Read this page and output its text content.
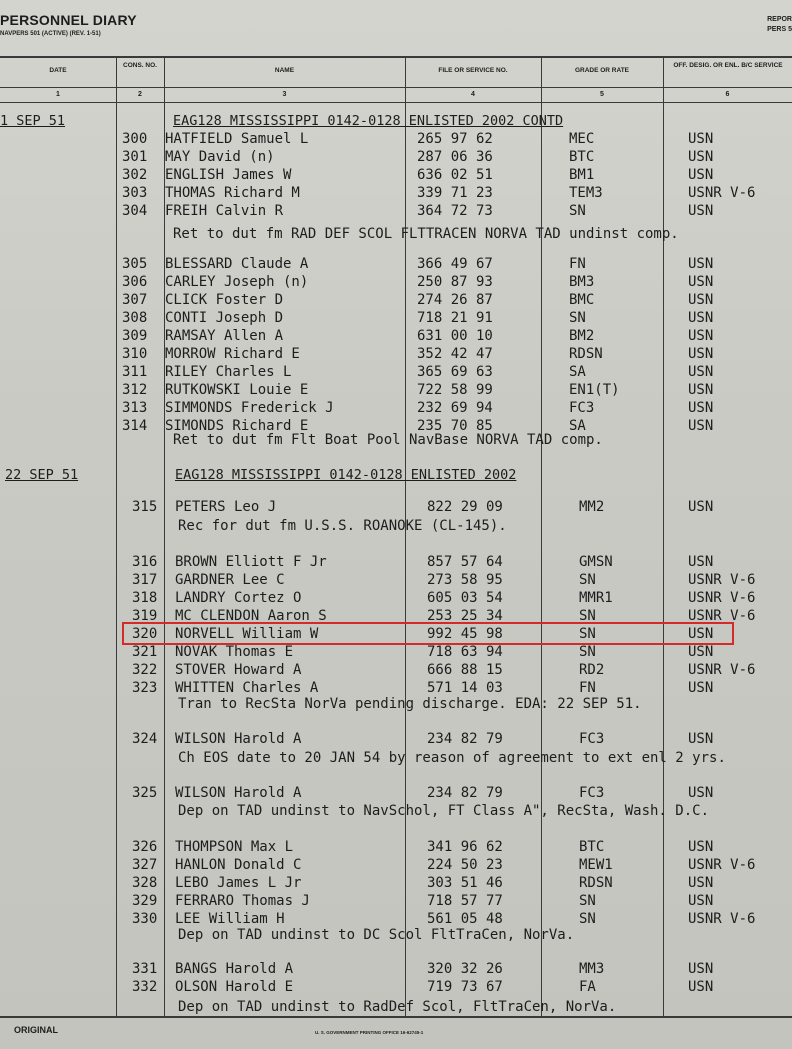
PERSONNEL DIARY
NAVPERS 501 (ACTIVE) (REV. 1-51)
REPOR
PERS 5
DATE
CONS. NO.
NAME	FILE OR SERVICE NO.	GRADE OR RATE
OFF. DESIG. OR ENL. B/C SERVICE
1	2	3	4	5	6
1 SEP 51	EAG128 MISSISSIPPI 0142-0128 ENLISTED 2002 CONTD
22 SEP 51	EAG128 MISSISSIPPI 0142-0128 ENLISTED 2002
300 HATFIELD Samuel L	265 97 62	MEC	USN
301 MAY David (n)	287 06 36	BTC	USN
302 ENGLISH James W	636 02 51	BM1	USN
303 THOMAS Richard M	339 71 23	TEM3	USNR V-6
304 FREIH Calvin R	364 72 73	SN	USN
305 BLESSARD Claude A	366 49 67	FN	USN
306 CARLEY Joseph (n)	250 87 93	BM3	USN
307 CLICK Foster D	274 26 87	BMC	USN
308 CONTI Joseph D	718 21 91	SN	USN
309 RAMSAY Allen A	631 00 10	BM2	USN
310 MORROW Richard E	352 42 47	RDSN	USN
311 RILEY Charles L	365 69 63	SA	USN
312 RUTKOWSKI Louie E	722 58 99	EN1(T)	USN
313 SIMMONDS Frederick J	232 69 94	FC3	USN
314 SIMONDS Richard E	235 70 85	SA	USN
315 PETERS Leo J	822 29 09	MM2	USN
316 BROWN Elliott F Jr	857 57 64	GMSN	USN
317 GARDNER Lee C	273 58 95	SN	USNR V-6
318 LANDRY Cortez O	605 03 54	MMR1	USNR V-6
319 MC CLENDON Aaron S	253 25 34	SN	USNR V-6
320 NORVELL William W	992 45 98	SN	USN
321 NOVAK Thomas E	718 63 94	SN	USN
322 STOVER Howard A	666 88 15	RD2	USNR V-6
323 WHITTEN Charles A	571 14 03	FN	USN
324 WILSON Harold A	234 82 79	FC3	USN
325 WILSON Harold A	234 82 79	FC3	USN
326 THOMPSON Max L	341 96 62	BTC	USN
327 HANLON Donald C	224 50 23	MEW1	USNR V-6
328 LEBO James L Jr	303 51 46	RDSN	USN
329 FERRARO Thomas J	718 57 77	SN	USN
330 LEE William H	561 05 48	SN	USNR V-6
331 BANGS Harold A	320 32 26	MM3	USN
332 OLSON Harold E	719 73 67	FA	USN
Ret to dut fm RAD DEF SCOL FLTTRACEN NORVA TAD undinst comp.
Ret to dut fm Flt Boat Pool NavBase NORVA TAD comp.
Rec for dut fm U.S.S. ROANOKE (CL-145).
Tran to RecSta NorVa pending discharge. EDA: 22 SEP 51.
Ch EOS date to 20 JAN 54 by reason of agreement to ext enl 2 yrs.
Dep on TAD undinst to NavSchol, FT Class A", RecSta, Wash. D.C.
Dep on TAD undinst to DC Scol FltTraCen, NorVa.
Dep on TAD undinst to RadDef Scol, FltTraCen, NorVa.
ORIGINAL	U. S. GOVERNMENT PRINTING OFFICE 16-62745-1
